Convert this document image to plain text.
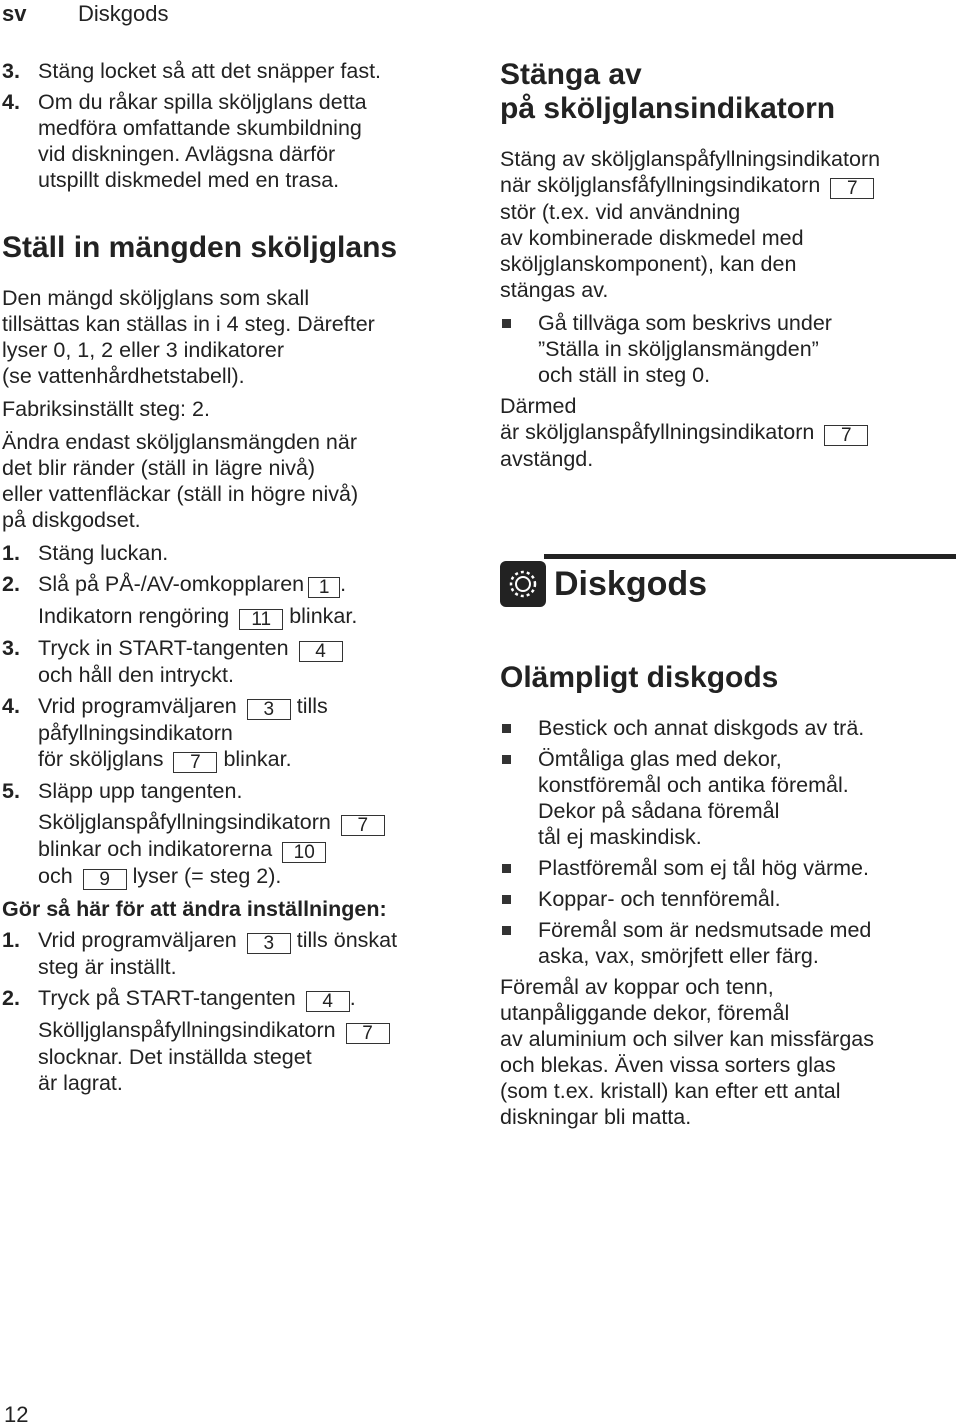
sv	Diskgods
3. Stäng locket så att det snäpper fast.
4. Om du råkar spilla sköljglans detta
medföra omfattande skumbildning
vid diskningen. Avlägsna därför
utspillt diskmedel med en trasa.
Ställ in mängden sköljglans

Den mängd sköljglans som skall
tillsättas kan ställas in i 4 steg. Därefter
lyser 0, 1, 2 eller 3 indikatorer
(se vattenhårdhetstabell).

Fabriksinställt steg: 2.

Ändra endast sköljglansmängden när
det blir ränder (ställ in lägre nivå)
eller vattenfläckar (ställ in högre nivå)
på diskgodset.

1. Stäng luckan.
2. Slå på PÅ-/AV-omkopplaren 1 .
Indikatorn rengöring 11 blinkar.
3. Tryck in START-tangenten 4
och håll den intryckt.
4. Vrid programväljaren 3 tills
påfyllningsindikatorn
för sköljglans 7 blinkar.
5. Släpp upp tangenten.
Sköljglanspåfyllningsindikatorn 7
blinkar och indikatorerna 10
och 9 lyser (= steg 2).
Gör så här för att ändra inställningen:
1. Vrid programväljaren 3 tills önskat
steg är inställt.
2. Tryck på START-tangenten 4 .
Skölljglanspåfyllningsindikatorn 7
slocknar. Det inställda steget
är lagrat.
Stänga av
på sköljglansindikatorn

Stäng av sköljglanspåfyllningsindikatorn
när sköljglansfåfyllningsindikatorn 7
stör (t.ex. vid användning
av kombinerade diskmedel med
sköljglanskomponent), kan den
stängas av.

Gå tillväga som beskrivs under
”Ställa in sköljglansmängden”
och ställ in steg 0.

Därmed
är sköljglanspåfyllningsindikatorn 7
avstängd.

Diskgods
Olämpligt diskgods
Bestick och annat diskgods av trä.
Ömtåliga glas med dekor,
konstföremål och antika föremål.
Dekor på sådana föremål
tål ej maskindisk.
Plastföremål som ej tål hög värme.
Koppar- och tennföremål.
Föremål som är nedsmutsade med
aska, vax, smörjfett eller färg.

Föremål av koppar och tenn,
utanpåliggande dekor, föremål
av aluminium och silver kan missfärgas
och blekas. Även vissa sorters glas
(som t.ex. kristall) kan efter ett antal
diskningar bli matta.

12
